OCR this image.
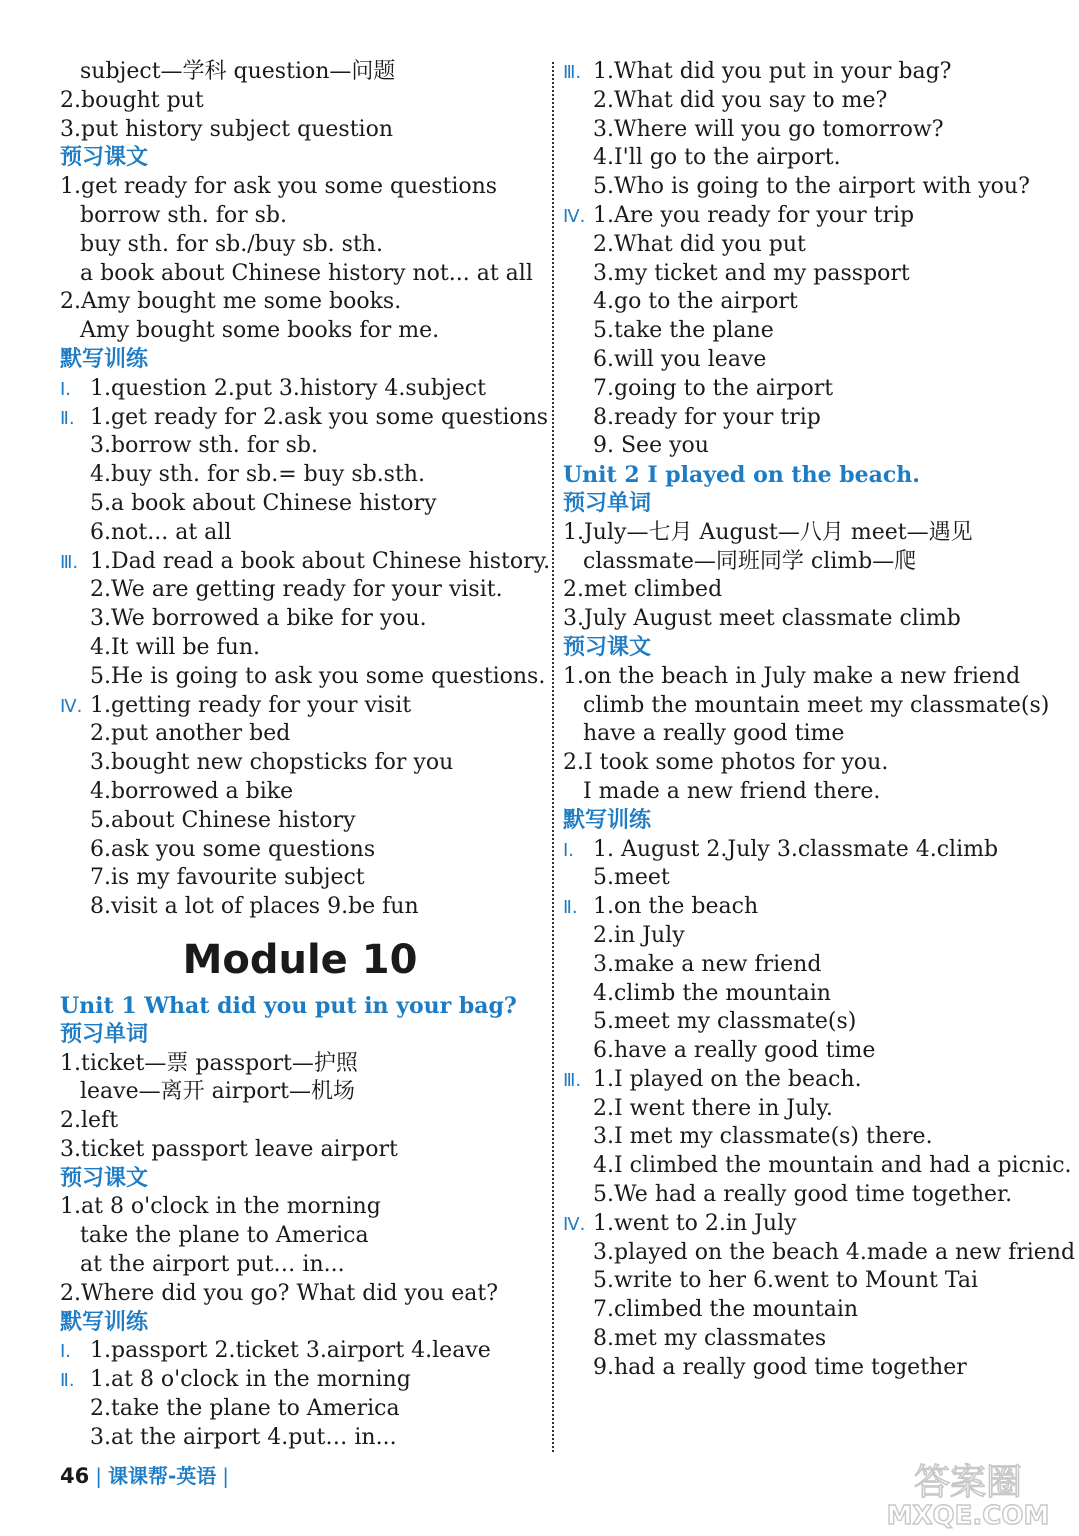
subject—学科 question—问题
2.bought put
3.put history subject question
预习课文
1.get ready for ask you some questions
borrow sth. for sb.
buy sth. for sb./buy sb. sth.
a book about Chinese history not... at all
2.Amy bought me some books.
Amy bought some books for me.
默写训练
Ⅰ. 1.question 2.put 3.history 4.subject
Ⅱ. 1.get ready for 2.ask you some questions
3.borrow sth. for sb.
4.buy sth. for sb.= buy sb.sth.
5.a book about Chinese history
6.not... at all
Ⅲ. 1.Dad read a book about Chinese history.
2.We are getting ready for your visit.
3.We borrowed a bike for you.
4.It will be fun.
5.He is going to ask you some questions.
Ⅳ. 1.getting ready for your visit
2.put another bed
3.bought new chopsticks for you
4.borrowed a bike
5.about Chinese history
6.ask you some questions
7.is my favourite subject
8.visit a lot of places 9.be fun
Module 10
Unit 1 What did you put in your bag?
预习单词
1.ticket—票 passport—护照
leave—离开 airport—机场
2.left
3.ticket passport leave airport
预习课文
1.at 8 o'clock in the morning
take the plane to America
at the airport put… in...
2.Where did you go? What did you eat?
默写训练
Ⅰ. 1.passport 2.ticket 3.airport 4.leave
Ⅱ. 1.at 8 o'clock in the morning
2.take the plane to America
3.at the airport 4.put… in...
Ⅲ. 1.What did you put in your bag?
2.What did you say to me?
3.Where will you go tomorrow?
4.I'll go to the airport.
5.Who is going to the airport with you?
Ⅳ. 1.Are you ready for your trip
2.What did you put
3.my ticket and my passport
4.go to the airport
5.take the plane
6.will you leave
7.going to the airport
8.ready for your trip
9. See you
Unit 2 I played on the beach.
预习单词
1.July—七月 August—八月 meet—遇见
classmate—同班同学 climb—爬
2.met climbed
3.July August meet classmate climb
预习课文
1.on the beach in July make a new friend
climb the mountain meet my classmate(s)
have a really good time
2.I took some photos for you.
I made a new friend there.
默写训练
Ⅰ. 1. August 2.July 3.classmate 4.climb
5.meet
Ⅱ. 1.on the beach
2.in July
3.make a new friend
4.climb the mountain
5.meet my classmate(s)
6.have a really good time
Ⅲ. 1.I played on the beach.
2.I went there in July.
3.I met my classmate(s) there.
4.I climbed the mountain and had a picnic.
5.We had a really good time together.
Ⅳ. 1.went to 2.in July
3.played on the beach 4.made a new friend
5.write to her 6.went to Mount Tai
7.climbed the mountain
8.met my classmates
9.had a really good time together
46 | 课课帮-英语 |	答案圈
MXQE.COM
